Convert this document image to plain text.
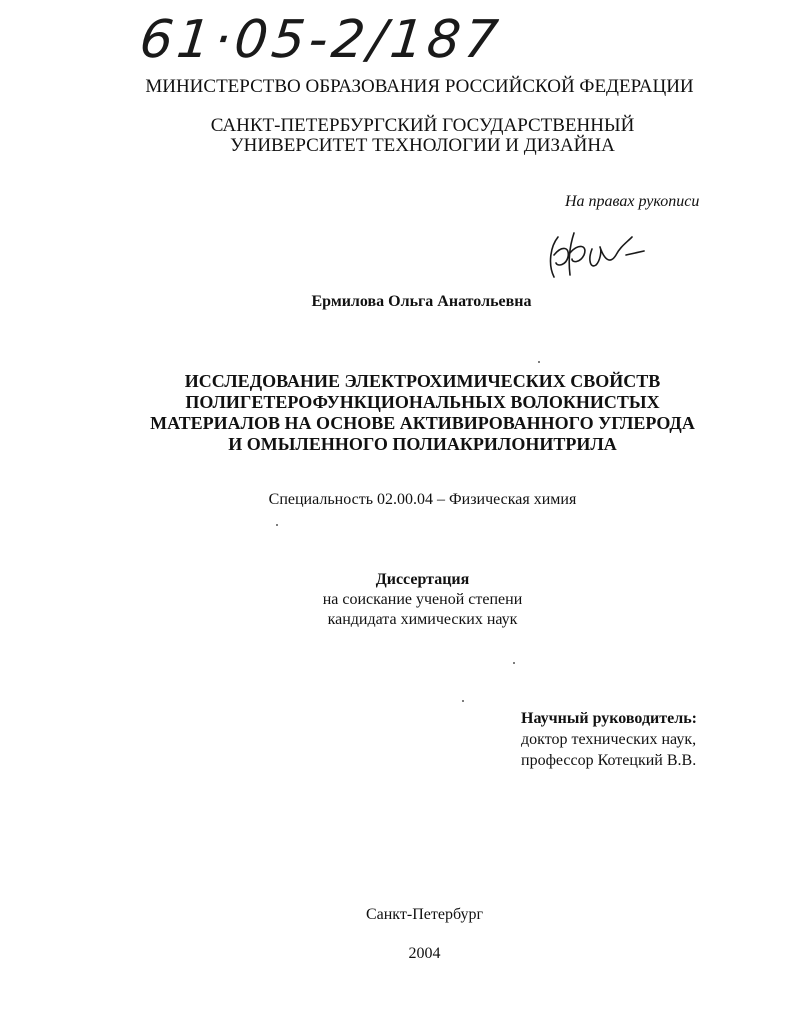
61·05-2/187
МИНИСТЕРСТВО ОБРАЗОВАНИЯ РОССИЙСКОЙ ФЕДЕРАЦИИ
САНКТ-ПЕТЕРБУРГСКИЙ ГОСУДАРСТВЕННЫЙ
УНИВЕРСИТЕТ ТЕХНОЛОГИИ И ДИЗАЙНА
На правах рукописи
Ермилова Ольга Анатольевна
ИССЛЕДОВАНИЕ ЭЛЕКТРОХИМИЧЕСКИХ СВОЙСТВ
ПОЛИГЕТЕРОФУНКЦИОНАЛЬНЫХ ВОЛОКНИСТЫХ
МАТЕРИАЛОВ НА ОСНОВЕ АКТИВИРОВАННОГО УГЛЕРОДА
И ОМЫЛЕННОГО ПОЛИАКРИЛОНИТРИЛА
Специальность 02.00.04 – Физическая химия
Диссертация
на соискание ученой степени
кандидата химических наук
Научный руководитель:
доктор технических наук,
профессор Котецкий В.В.
Санкт-Петербург
2004
